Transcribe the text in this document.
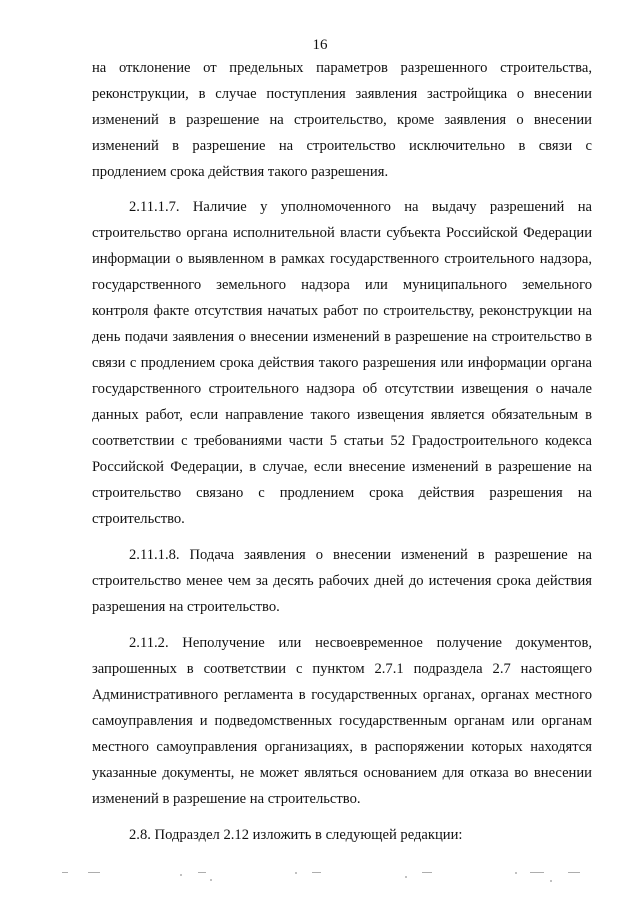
16

на отклонение от предельных параметров разрешенного строительства, реконструкции, в случае поступления заявления застройщика о внесении изменений в разрешение на строительство, кроме заявления о внесении изменений в разрешение на строительство исключительно в связи с продлением срока действия такого разрешения.

2.11.1.7. Наличие у уполномоченного на выдачу разрешений на строительство органа исполнительной власти субъекта Российской Федерации информации о выявленном в рамках государственного строительного надзора, государственного земельного надзора или муниципального земельного контроля факте отсутствия начатых работ по строительству, реконструкции на день подачи заявления о внесении изменений в разрешение на строительство в связи с продлением срока действия такого разрешения или информации органа государственного строительного надзора об отсутствии извещения о начале данных работ, если направление такого извещения является обязательным в соответствии с требованиями части 5 статьи 52 Градостроительного кодекса Российской Федерации, в случае, если внесение изменений в разрешение на строительство связано с продлением срока действия разрешения на строительство.

2.11.1.8. Подача заявления о внесении изменений в разрешение на строительство менее чем за десять рабочих дней до истечения срока действия разрешения на строительство.

2.11.2. Неполучение или несвоевременное получение документов, запрошенных в соответствии с пунктом 2.7.1 подраздела 2.7 настоящего Административного регламента в государственных органах, органах местного самоуправления и подведомственных государственным органам или органам местного самоуправления организациях, в распоряжении которых находятся указанные документы, не может являться основанием для отказа во внесении изменений в разрешение на строительство.

2.8. Подраздел 2.12 изложить в следующей редакции:
